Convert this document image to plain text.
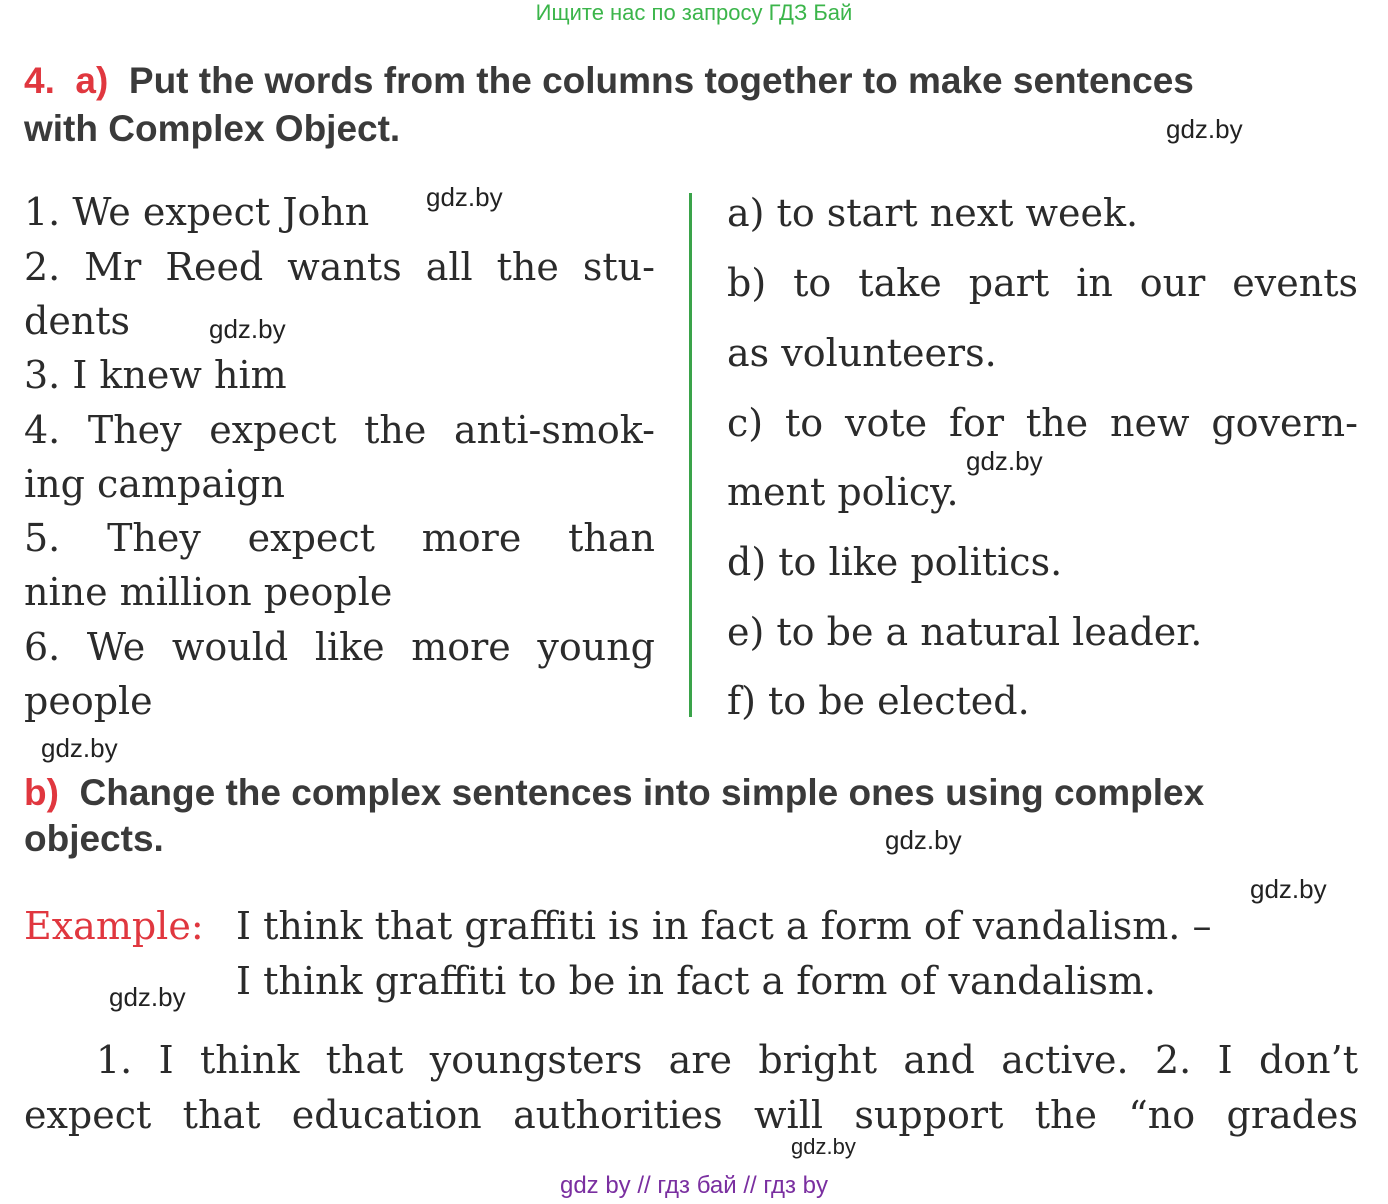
Ищите нас по запросу ГДЗ Бай
4. a) Put the words from the columns together to make sentences
with Complex Object.
1. We expect John
2. Mr Reed wants all the stu-
dents
3. I knew him
4. They expect the anti-smok-
ing campaign
5. They expect more than
nine million people
6. We would like more young
people
a) to start next week.
b) to take part in our events
as volunteers.
c) to vote for the new govern-
ment policy.
d) to like politics.
e) to be a natural leader.
f) to be elected.
b) Change the complex sentences into simple ones using complex
objects.
Example: I think that graffiti is in fact a form of vandalism. –
I think graffiti to be in fact a form of vandalism.
1. I think that youngsters are bright and active. 2. I don’t
expect that education authorities will support the “no grades
gdz.by
gdz.by
gdz.by
gdz.by
gdz.by
gdz.by
gdz.by
gdz.by
gdz.by
gdz by // гдз бай // гдз by
